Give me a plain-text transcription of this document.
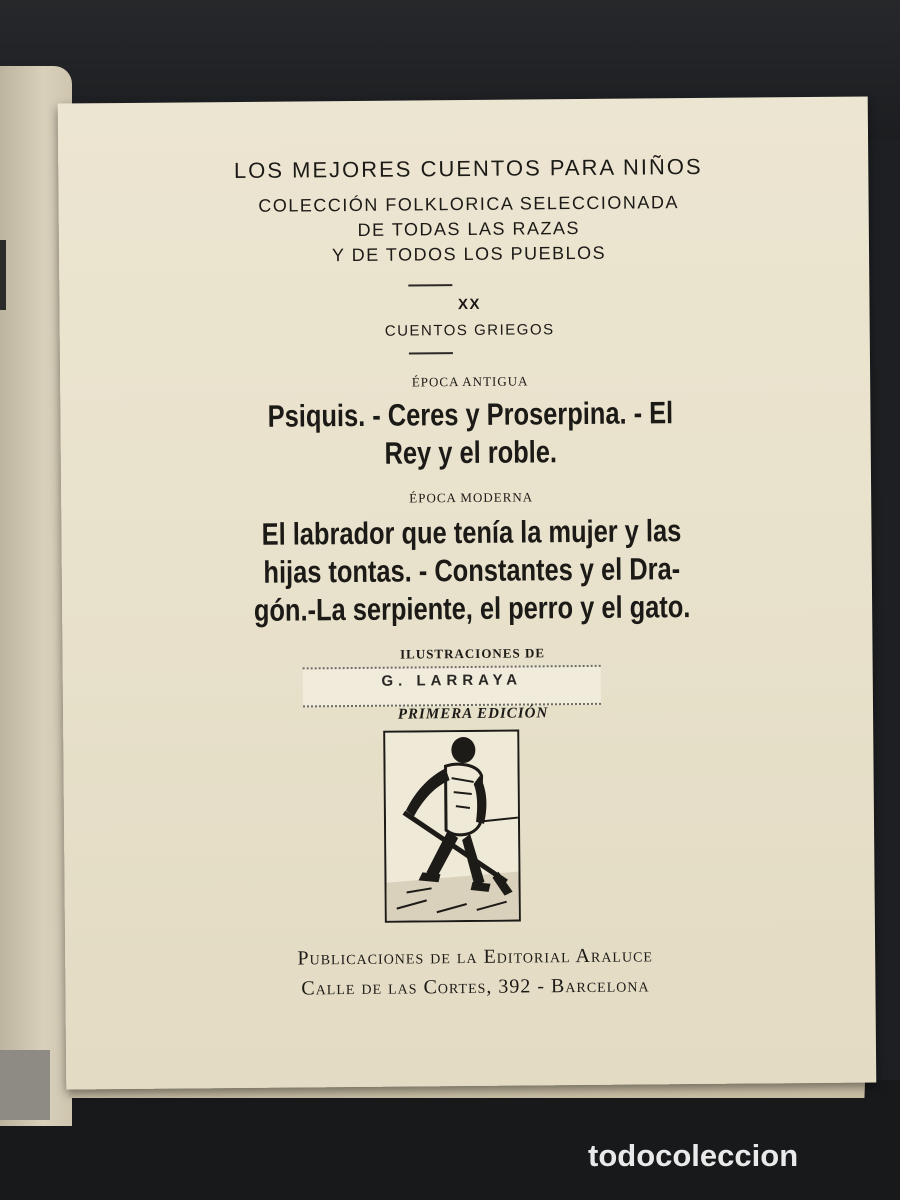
LOS MEJORES CUENTOS PARA NIÑOS
COLECCIÓN FOLKLORICA SELECCIONADA
DE TODAS LAS RAZAS
Y DE TODOS LOS PUEBLOS
XX
CUENTOS GRIEGOS
ÉPOCA ANTIGUA
Psiquis. - Ceres y Proserpina. - El
Rey y el roble.
ÉPOCA MODERNA
El labrador que tenía la mujer y las
hijas tontas. - Constantes y el Dra-
gón.-La serpiente, el perro y el gato.
ILUSTRACIONES DE
G. LARRAYA
PRIMERA EDICIÓN
Publicaciones de la Editorial Araluce
Calle de las Cortes, 392 - Barcelona
todocoleccion
